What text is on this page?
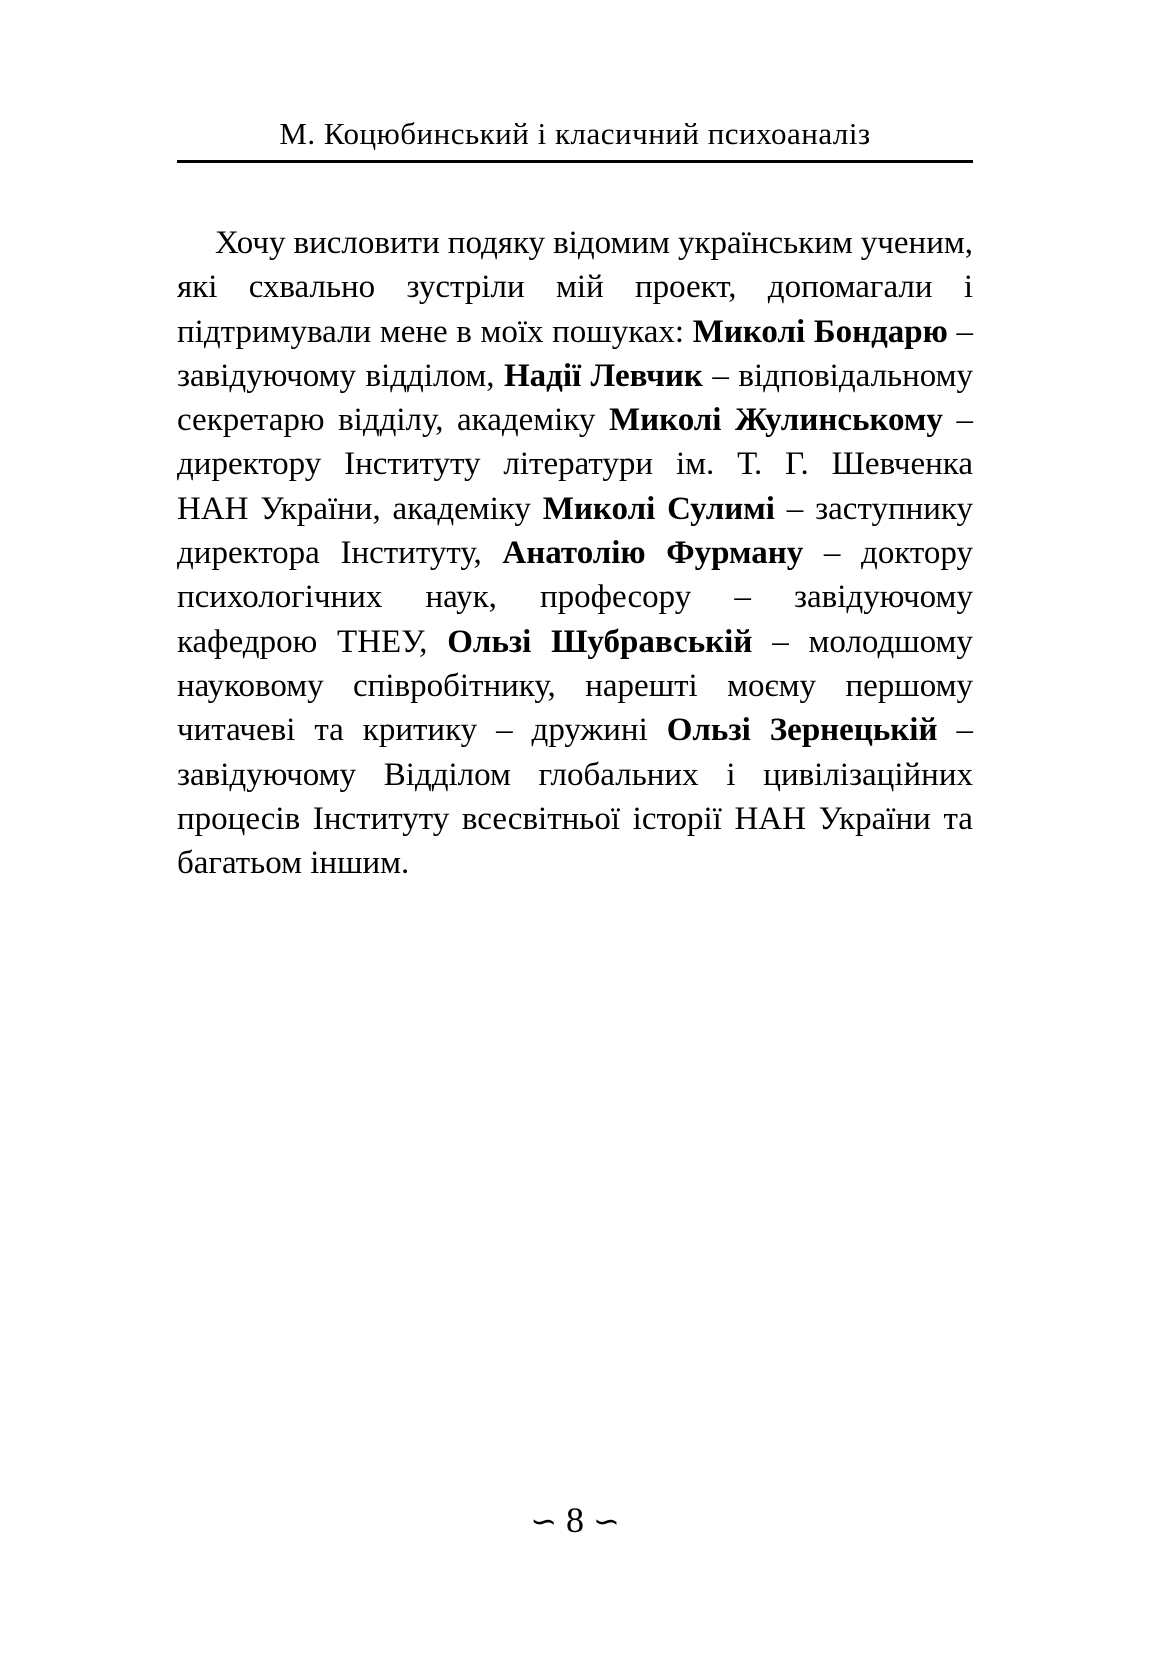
М. Коцюбинський і класичний психоаналіз
Хочу висловити подяку відомим українським ученим,
які схвально зустріли мій проект, допомагали і
підтримували мене в моїх пошуках: Миколі Бондарю –
завідуючому відділом, Надії Левчик – відповідальному
секретарю відділу, академіку Миколі Жулинському –
директору Інституту літератури ім. Т. Г. Шевченка
НАН України, академіку Миколі Сулимі – заступнику
директора Інституту, Анатолію Фурману – доктору
психологічних наук, професору – завідуючому
кафедрою ТНЕУ, Ользі Шубравській – молодшому
науковому співробітнику, нарешті моєму першому
читачеві та критику – дружині Ользі Зернецькій –
завідуючому Відділом глобальних і цивілізаційних
процесів Інституту всесвітньої історії НАН України та
багатьом іншим.
∽ 8 ∽
